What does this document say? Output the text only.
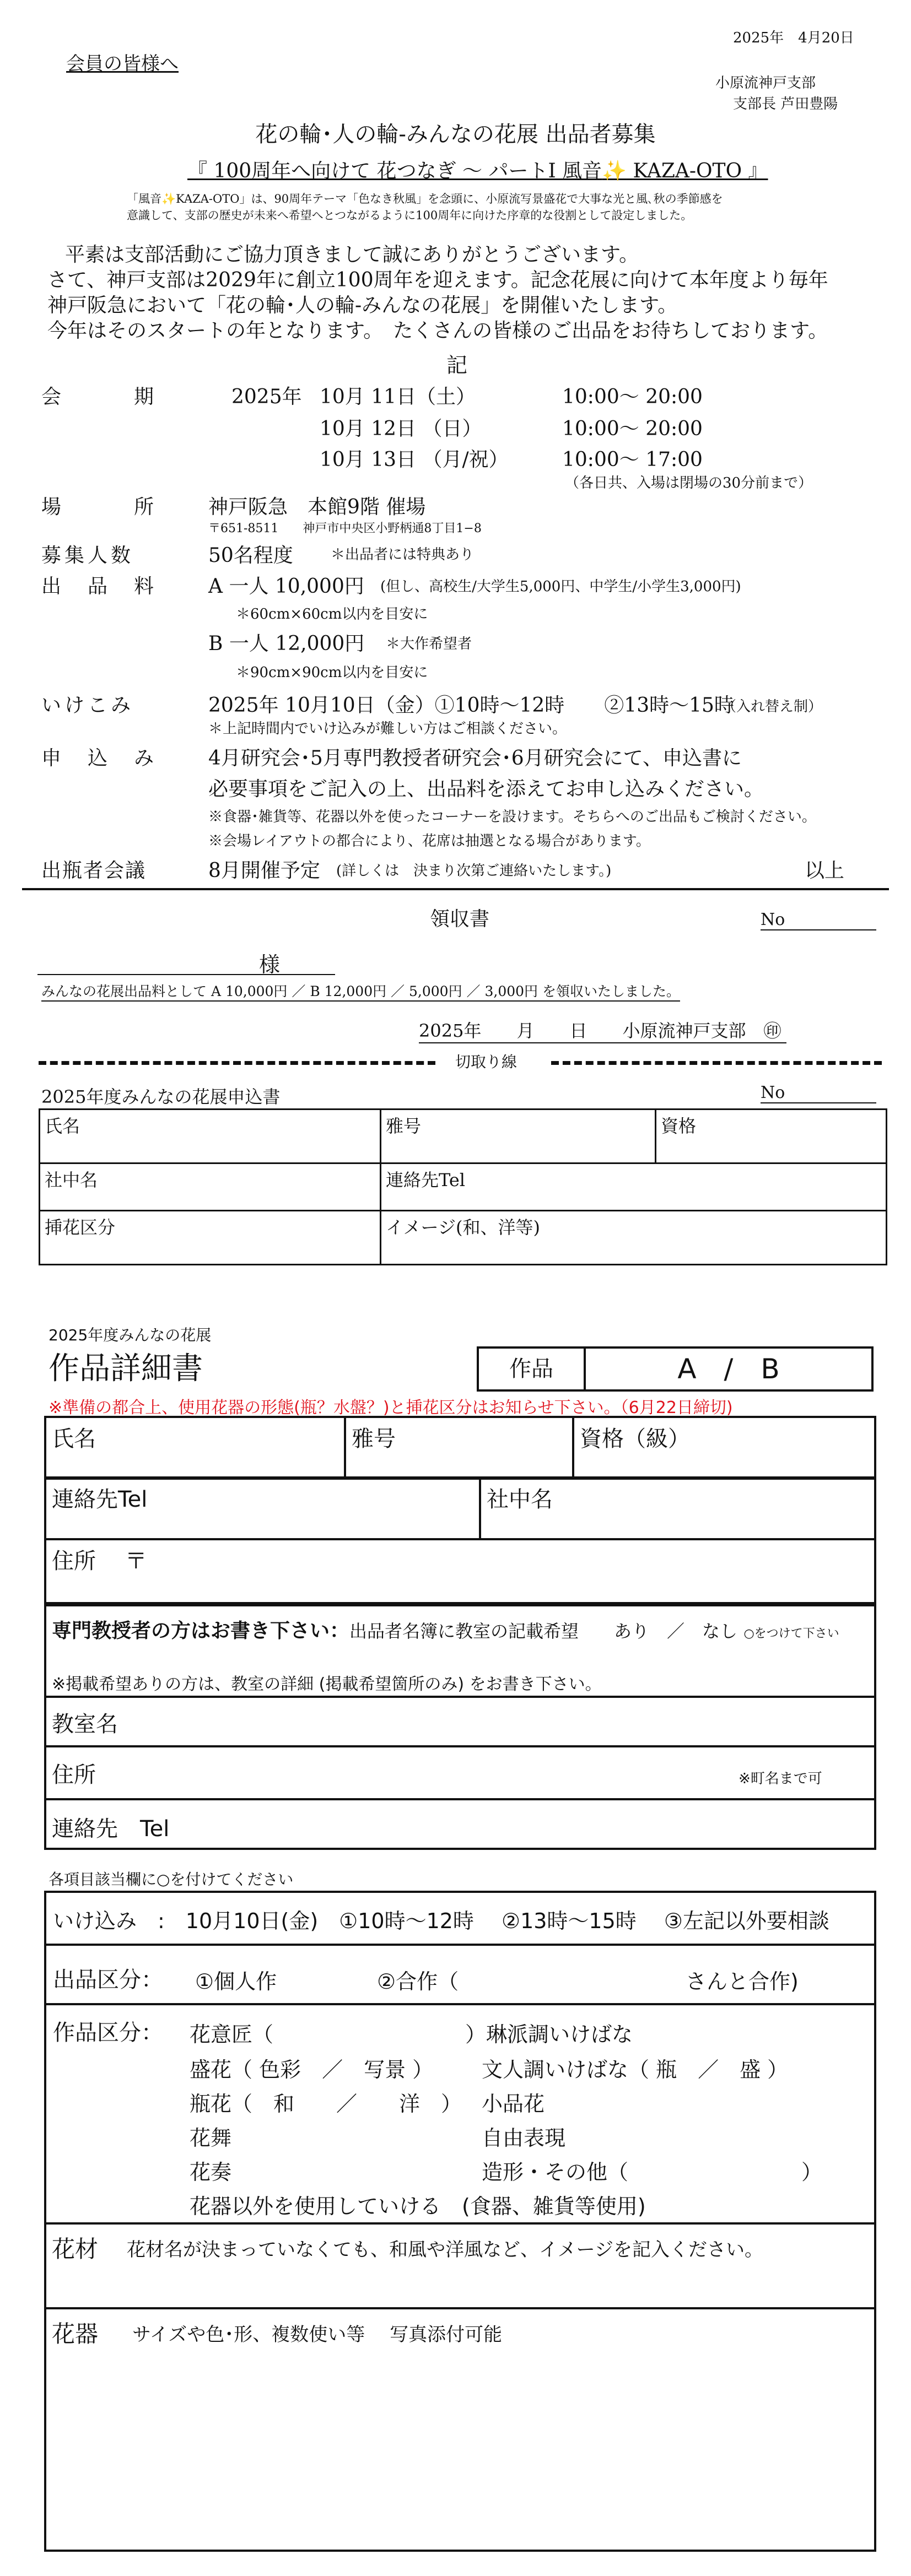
2025年　4月20日
会員の皆様へ
小原流神戸支部
支部長 芦田豊陽
花の輪･人の輪-みんなの花展 出品者募集
『 100周年へ向けて 花つなぎ 〜 パートⅠ 風音✨ KAZA-OTO 』
「風音✨KAZA-OTO」は、90周年テーマ「色なき秋風」を念頭に、小原流写景盛花で大事な光と風､秋の季節感を
意識して、支部の歴史が未来へ希望へとつながるように100周年に向けた序章的な役割として設定しました。
平素は支部活動にご協力頂きまして誠にありがとうございます。
さて、神戸支部は2029年に創立100周年を迎えます。記念花展に向けて本年度より毎年
神戸阪急において「花の輪･人の輪-みんなの花展」を開催いたします。
今年はそのスタートの年となります。　たくさんの皆様のご出品をお待ちしております。
記
会　　　期	2025年 10月 11日（土）	10:00〜 20:00
10月 12日 （日）	10:00〜 20:00
10月 13日 （月/祝）	10:00〜 17:00
（各日共、入場は閉場の30分前まで）
場　　　所	神戸阪急　本館9階 催場
〒651-8511　　神戸市中央区小野柄通8丁目1−8
募集人数	50名程度	＊出品者には特典あり
出　品　料	A 一人 10,000円 (但し、高校生/大学生5,000円、中学生/小学生3,000円)
＊60cm×60cm以内を目安に
B 一人 12,000円 ＊大作希望者
＊90cm×90cm以内を目安に
いけこみ	2025年 10月10日（金）①10時〜12時　　②13時〜15時
（入れ替え制）
＊上記時間内でいけ込みが難しい方はご相談ください。
申　込　み	4月研究会･5月専門教授者研究会･6月研究会にて、申込書に
必要事項をご記入の上、出品料を添えてお申し込みください。
※食器･雑貨等、花器以外を使ったコーナーを設けます。そちらへのご出品もご検討ください。
※会場レイアウトの都合により、花席は抽選となる場合があります。
出瓶者会議	8月開催予定 (詳しくは　決まり次第ご連絡いたします。)	以上
領収書	No
様
みんなの花展出品料として A 10,000円 ／ B 12,000円 ／ 5,000円 ／ 3,000円 を領収いたしました。
2025年　　月　　日　　小原流神戸支部　 ㊞
切取り線
2025年度みんなの花展申込書	No
氏名	雅号	資格
社中名	連絡先Tel	
挿花区分	イメージ(和、洋等)	
2025年度みんなの花展
作品詳細書	作品	A　/　B
※準備の都合上、使用花器の形態(瓶？水盤？)と挿花区分はお知らせ下さい。（6月22日締切)
氏名	雅号	資格（級）
連絡先Tel	社中名
住所　 〒
専門教授者の方はお書き下さい：出品者名簿に教室の記載希望　　あり　／　なし ○をつけて下さい
※掲載希望ありの方は、教室の詳細 (掲載希望箇所のみ) をお書き下さい。
教室名
住所	※町名まで可
連絡先　Tel
各項目該当欄に○を付けてください
いけ込み　:　10月10日(金)　①10時〜12時　 ②13時〜15時　 ③左記以外要相談
出品区分： ①個人作	②合作（	さんと合作)
作品区分： 花意匠（	）琳派調いけばな
盛花（ 色彩　／　写景 ） 文人調いけばな（ 瓶　／　盛 ）
瓶花（　和　　／　　洋　） 小品花
花舞	自由表現
花奏	造形・その他（	）
花器以外を使用していける　(食器、雑貨等使用)
花材 花材名が決まっていなくても、和風や洋風など、イメージを記入ください。
花器 サイズや色･形、複数使い等　 写真添付可能
